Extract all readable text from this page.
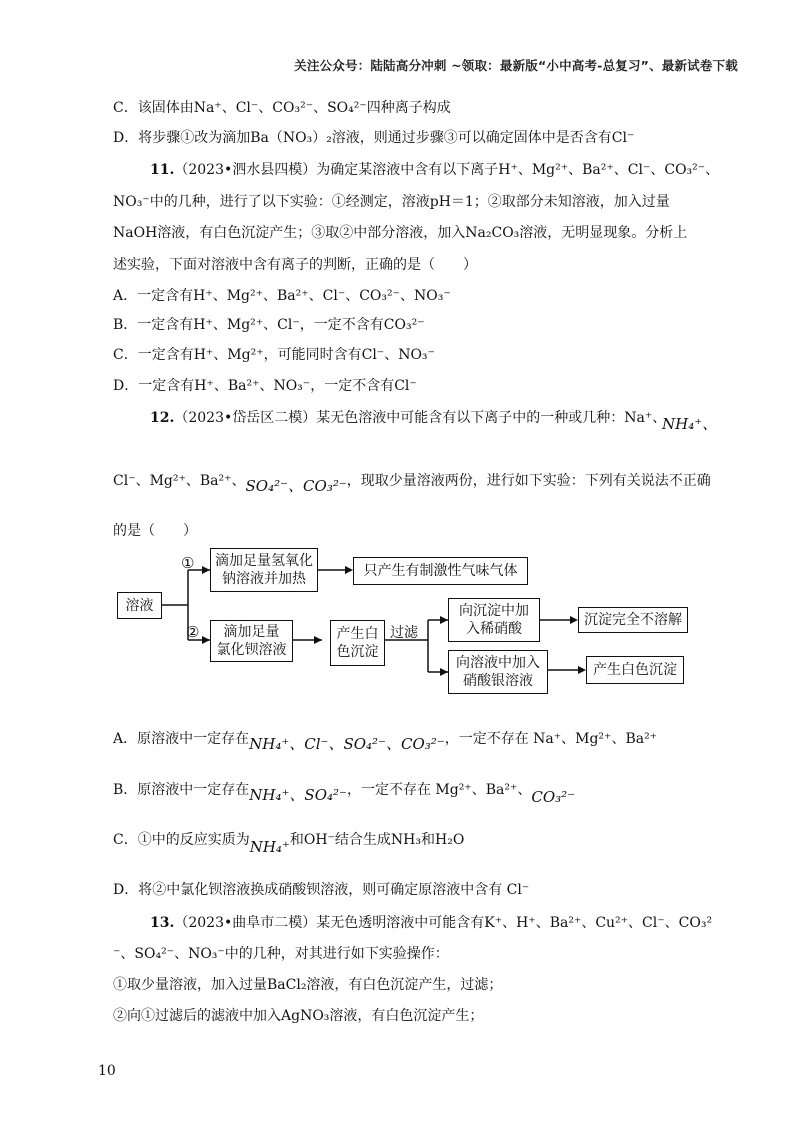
关注公众号：陆陆高分冲刺 ~领取：最新版“小中高考-总复习”、最新试卷下载
C．该固体由Na⁺、Cl⁻、CO₃²⁻、SO₄²⁻四种离子构成
D．将步骤①改为滴加Ba（NO₃）₂溶液，则通过步骤③可以确定固体中是否含有Cl⁻
11.（2023•泗水县四模）为确定某溶液中含有以下离子H⁺、Mg²⁺、Ba²⁺、Cl⁻、CO₃²⁻、
NO₃⁻中的几种，进行了以下实验：①经测定，溶液pH＝1；②取部分未知溶液，加入过量
NaOH溶液，有白色沉淀产生；③取②中部分溶液，加入Na₂CO₃溶液，无明显现象。分析上
述实验，下面对溶液中含有离子的判断，正确的是（　　）
A．一定含有H⁺、Mg²⁺、Ba²⁺、Cl⁻、CO₃²⁻、NO₃⁻
B．一定含有H⁺、Mg²⁺、Cl⁻，一定不含有CO₃²⁻
C．一定含有H⁺、Mg²⁺，可能同时含有Cl⁻、NO₃⁻
D．一定含有H⁺、Ba²⁺、NO₃⁻，一定不含有Cl⁻
12.（2023•岱岳区二模）某无色溶液中可能含有以下离子中的一种或几种：Na⁺、
NH₄⁺、
Cl⁻、Mg²⁺、Ba²⁺、SO₄²⁻、CO₃²⁻，现取少量溶液两份，进行如下实验：下列有关说法不正确
的是（　　）
溶液
①
②
滴加足量氢氧化
钠溶液并加热	只产生有制激性气味气体
滴加足量
氯化钡溶液
产生白
色沉淀
过滤
向沉淀中加
入稀硝酸
沉淀完全不溶解
向溶液中加入
硝酸银溶液
产生白色沉淀
A．原溶液中一定存在NH₄⁺、Cl⁻、SO₄²⁻、CO₃²⁻，一定不存在 Na⁺、Mg²⁺、Ba²⁺
B．原溶液中一定存在NH₄⁺、SO₄²⁻，一定不存在 Mg²⁺、Ba²⁺、CO₃²⁻
C．①中的反应实质为NH₄⁺和OH⁻结合生成NH₃和H₂O
D．将②中氯化钡溶液换成硝酸钡溶液，则可确定原溶液中含有 Cl⁻
13.（2023•曲阜市二模）某无色透明溶液中可能含有K⁺、H⁺、Ba²⁺、Cu²⁺、Cl⁻、CO₃²
⁻、SO₄²⁻、NO₃⁻中的几种，对其进行如下实验操作：
①取少量溶液，加入过量BaCl₂溶液，有白色沉淀产生，过滤；
②向①过滤后的滤液中加入AgNO₃溶液，有白色沉淀产生；
10
